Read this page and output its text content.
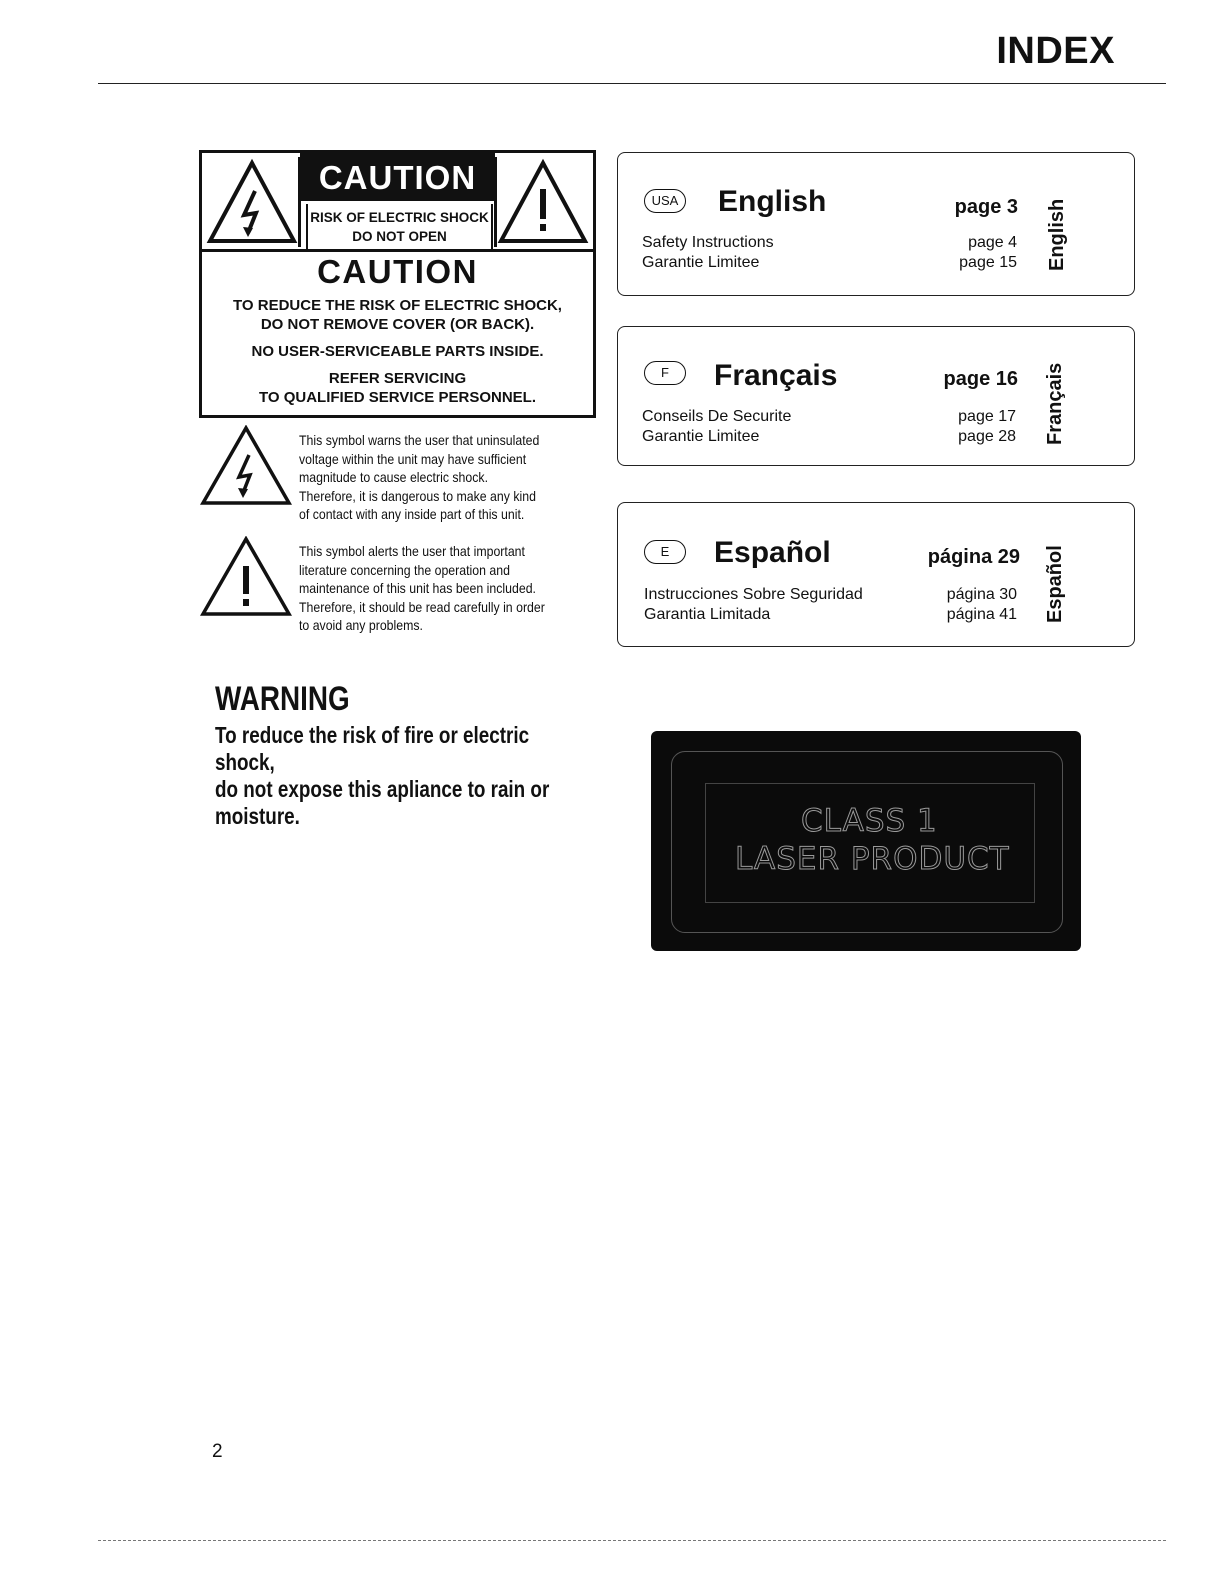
INDEX
CAUTION
RISK OF ELECTRIC SHOCK
DO NOT OPEN
CAUTION
TO REDUCE THE RISK OF ELECTRIC SHOCK,
DO NOT REMOVE COVER (OR BACK).
NO USER-SERVICEABLE PARTS INSIDE.
REFER SERVICING
TO QUALIFIED SERVICE PERSONNEL.
This symbol warns the user that uninsulated
voltage within the unit may have sufficient
magnitude to cause electric shock.
Therefore, it is dangerous to make any kind
of contact with any inside part of this unit.
This symbol alerts the user that important
literature concerning the operation and
maintenance of this unit has been included.
Therefore, it should be read carefully in order
to avoid any problems.
WARNING
To reduce the risk of fire or electric shock,
do not expose this apliance to rain or
moisture.
USA English	page 3
Safety Instructions	page 4
Garantie Limitee	page 15 English
F	Français	page 16
Conseils De Securite	page 17
Garantie Limitee	page 28 Français
E	Español	página 29
Instrucciones Sobre Seguridad	página 30
Garantia Limitada	página 41 Español
CLASS 1
LASER PRODUCT
2
